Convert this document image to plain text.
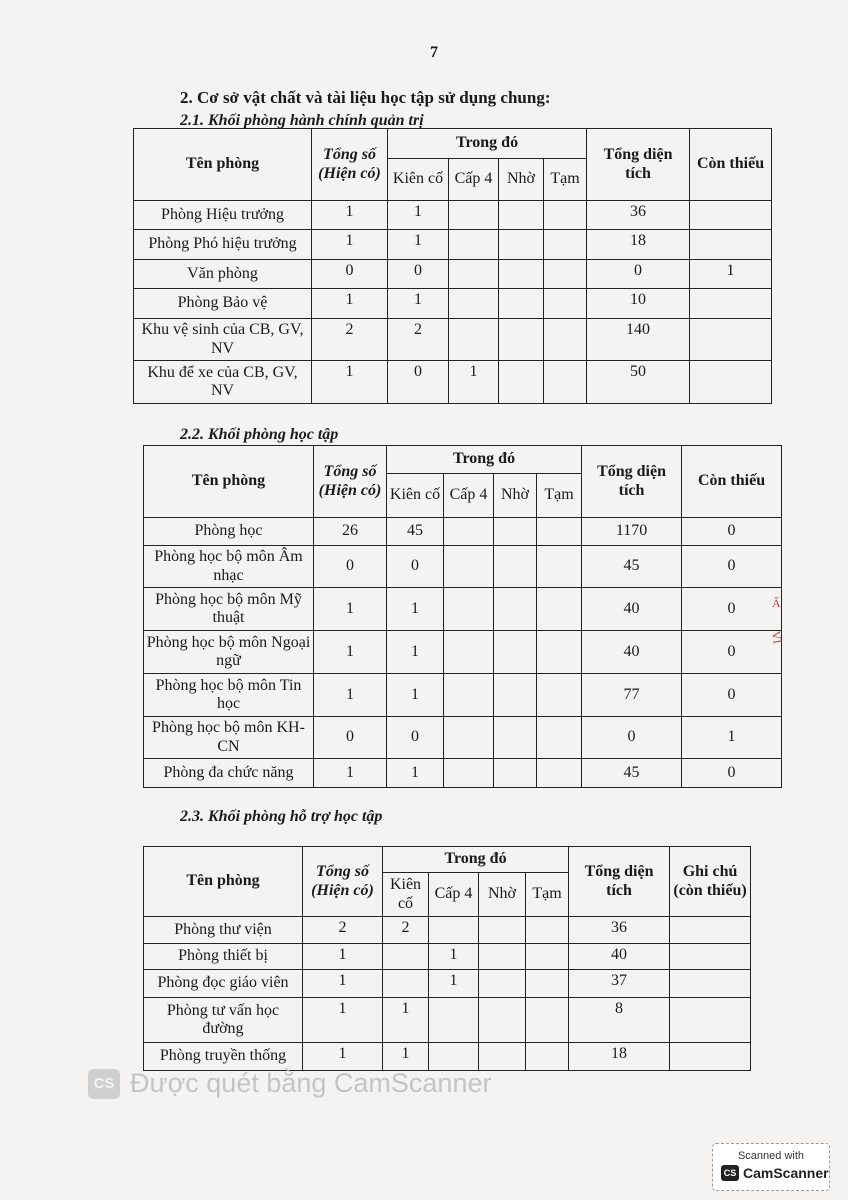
7
2. Cơ sở vật chất và tài liệu học tập sử dụng chung:
2.1. Khối phòng hành chính quản trị
Tên phòng	Tổng số (Hiện có)	Trong đó				Tổng diện tích	Còn thiếu
		Kiên cố	Cấp 4	Nhờ	Tạm		
Phòng Hiệu trưởng	1	1				36	
Phòng Phó hiệu trưởng	1	1				18	
Văn phòng	0	0				0	1
Phòng Bảo vệ	1	1				10	
Khu vệ sinh của CB, GV, NV	2	2				140	
Khu để xe của CB, GV, NV	1	0	1			50	
2.2. Khối phòng học tập
Tên phòng	Tổng số (Hiện có)	Trong đó				Tổng diện tích	Còn thiếu
		Kiên cố	Cấp 4	Nhờ	Tạm		
Phòng học	26	45				1170	0
Phòng học bộ môn Âm nhạc	0	0				45	0
Phòng học bộ môn Mỹ thuật	1	1				40	0
Phòng học bộ môn Ngoại ngữ	1	1				40	0
Phòng học bộ môn Tin học	1	1				77	0
Phòng học bộ môn KH-CN	0	0				0	1
Phòng đa chức năng	1	1				45	0
2.3. Khối phòng hỗ trợ học tập
Tên phòng	Tổng số (Hiện có)	Trong đó				Tổng diện tích	Ghi chú (còn thiếu)
		Kiên cố	Cấp 4	Nhờ	Tạm		
Phòng thư viện	2	2				36	
Phòng thiết bị	1		1			40	
Phòng đọc giáo viên	1		1			37	
Phòng tư vấn học đường	1	1				8	
Phòng truyền thống	1	1				18	
Ấ
VI
CS Được quét bằng CamScanner
Scanned with
CS CamScanner
